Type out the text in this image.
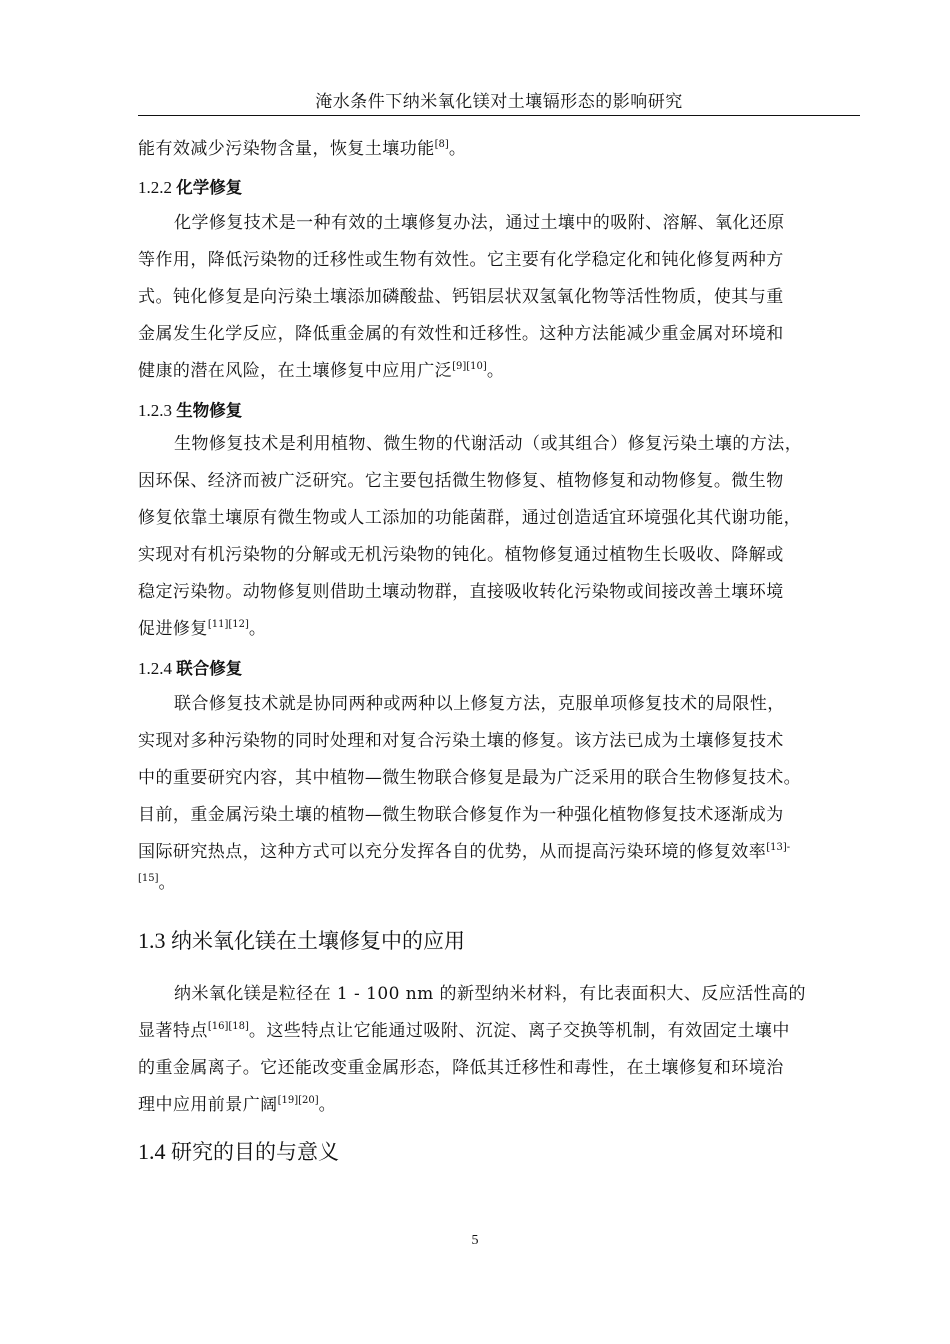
淹水条件下纳米氧化镁对土壤镉形态的影响研究

能有效减少污染物含量，恢复土壤功能[8]。

1.2.2 化学修复

化学修复技术是一种有效的土壤修复办法，通过土壤中的吸附、溶解、氧化还原
等作用，降低污染物的迁移性或生物有效性。它主要有化学稳定化和钝化修复两种方
式。钝化修复是向污染土壤添加磷酸盐、钙铝层状双氢氧化物等活性物质，使其与重
金属发生化学反应，降低重金属的有效性和迁移性。这种方法能减少重金属对环境和
健康的潜在风险，在土壤修复中应用广泛[9][10]。

1.2.3 生物修复

生物修复技术是利用植物、微生物的代谢活动（或其组合）修复污染土壤的方法，
因环保、经济而被广泛研究。它主要包括微生物修复、植物修复和动物修复。微生物
修复依靠土壤原有微生物或人工添加的功能菌群，通过创造适宜环境强化其代谢功能，
实现对有机污染物的分解或无机污染物的钝化。植物修复通过植物生长吸收、降解或
稳定污染物。动物修复则借助土壤动物群，直接吸收转化污染物或间接改善土壤环境
促进修复[11][12]。

1.2.4 联合修复

联合修复技术就是协同两种或两种以上修复方法，克服单项修复技术的局限性，
实现对多种污染物的同时处理和对复合污染土壤的修复。该方法已成为土壤修复技术
中的重要研究内容，其中植物—微生物联合修复是最为广泛采用的联合生物修复技术。
目前，重金属污染土壤的植物—微生物联合修复作为一种强化植物修复技术逐渐成为
国际研究热点，这种方式可以充分发挥各自的优势，从而提高污染环境的修复效率$^{[13]-}$
[15]。

1.3 纳米氧化镁在土壤修复中的应用

纳米氧化镁是粒径在 1 - 100 nm 的新型纳米材料，有比表面积大、反应活性高的
显著特点[16][18]。这些特点让它能通过吸附、沉淀、离子交换等机制，有效固定土壤中
的重金属离子。它还能改变重金属形态，降低其迁移性和毒性，在土壤修复和环境治
理中应用前景广阔[19][20]。

1.4 研究的目的与意义
5
